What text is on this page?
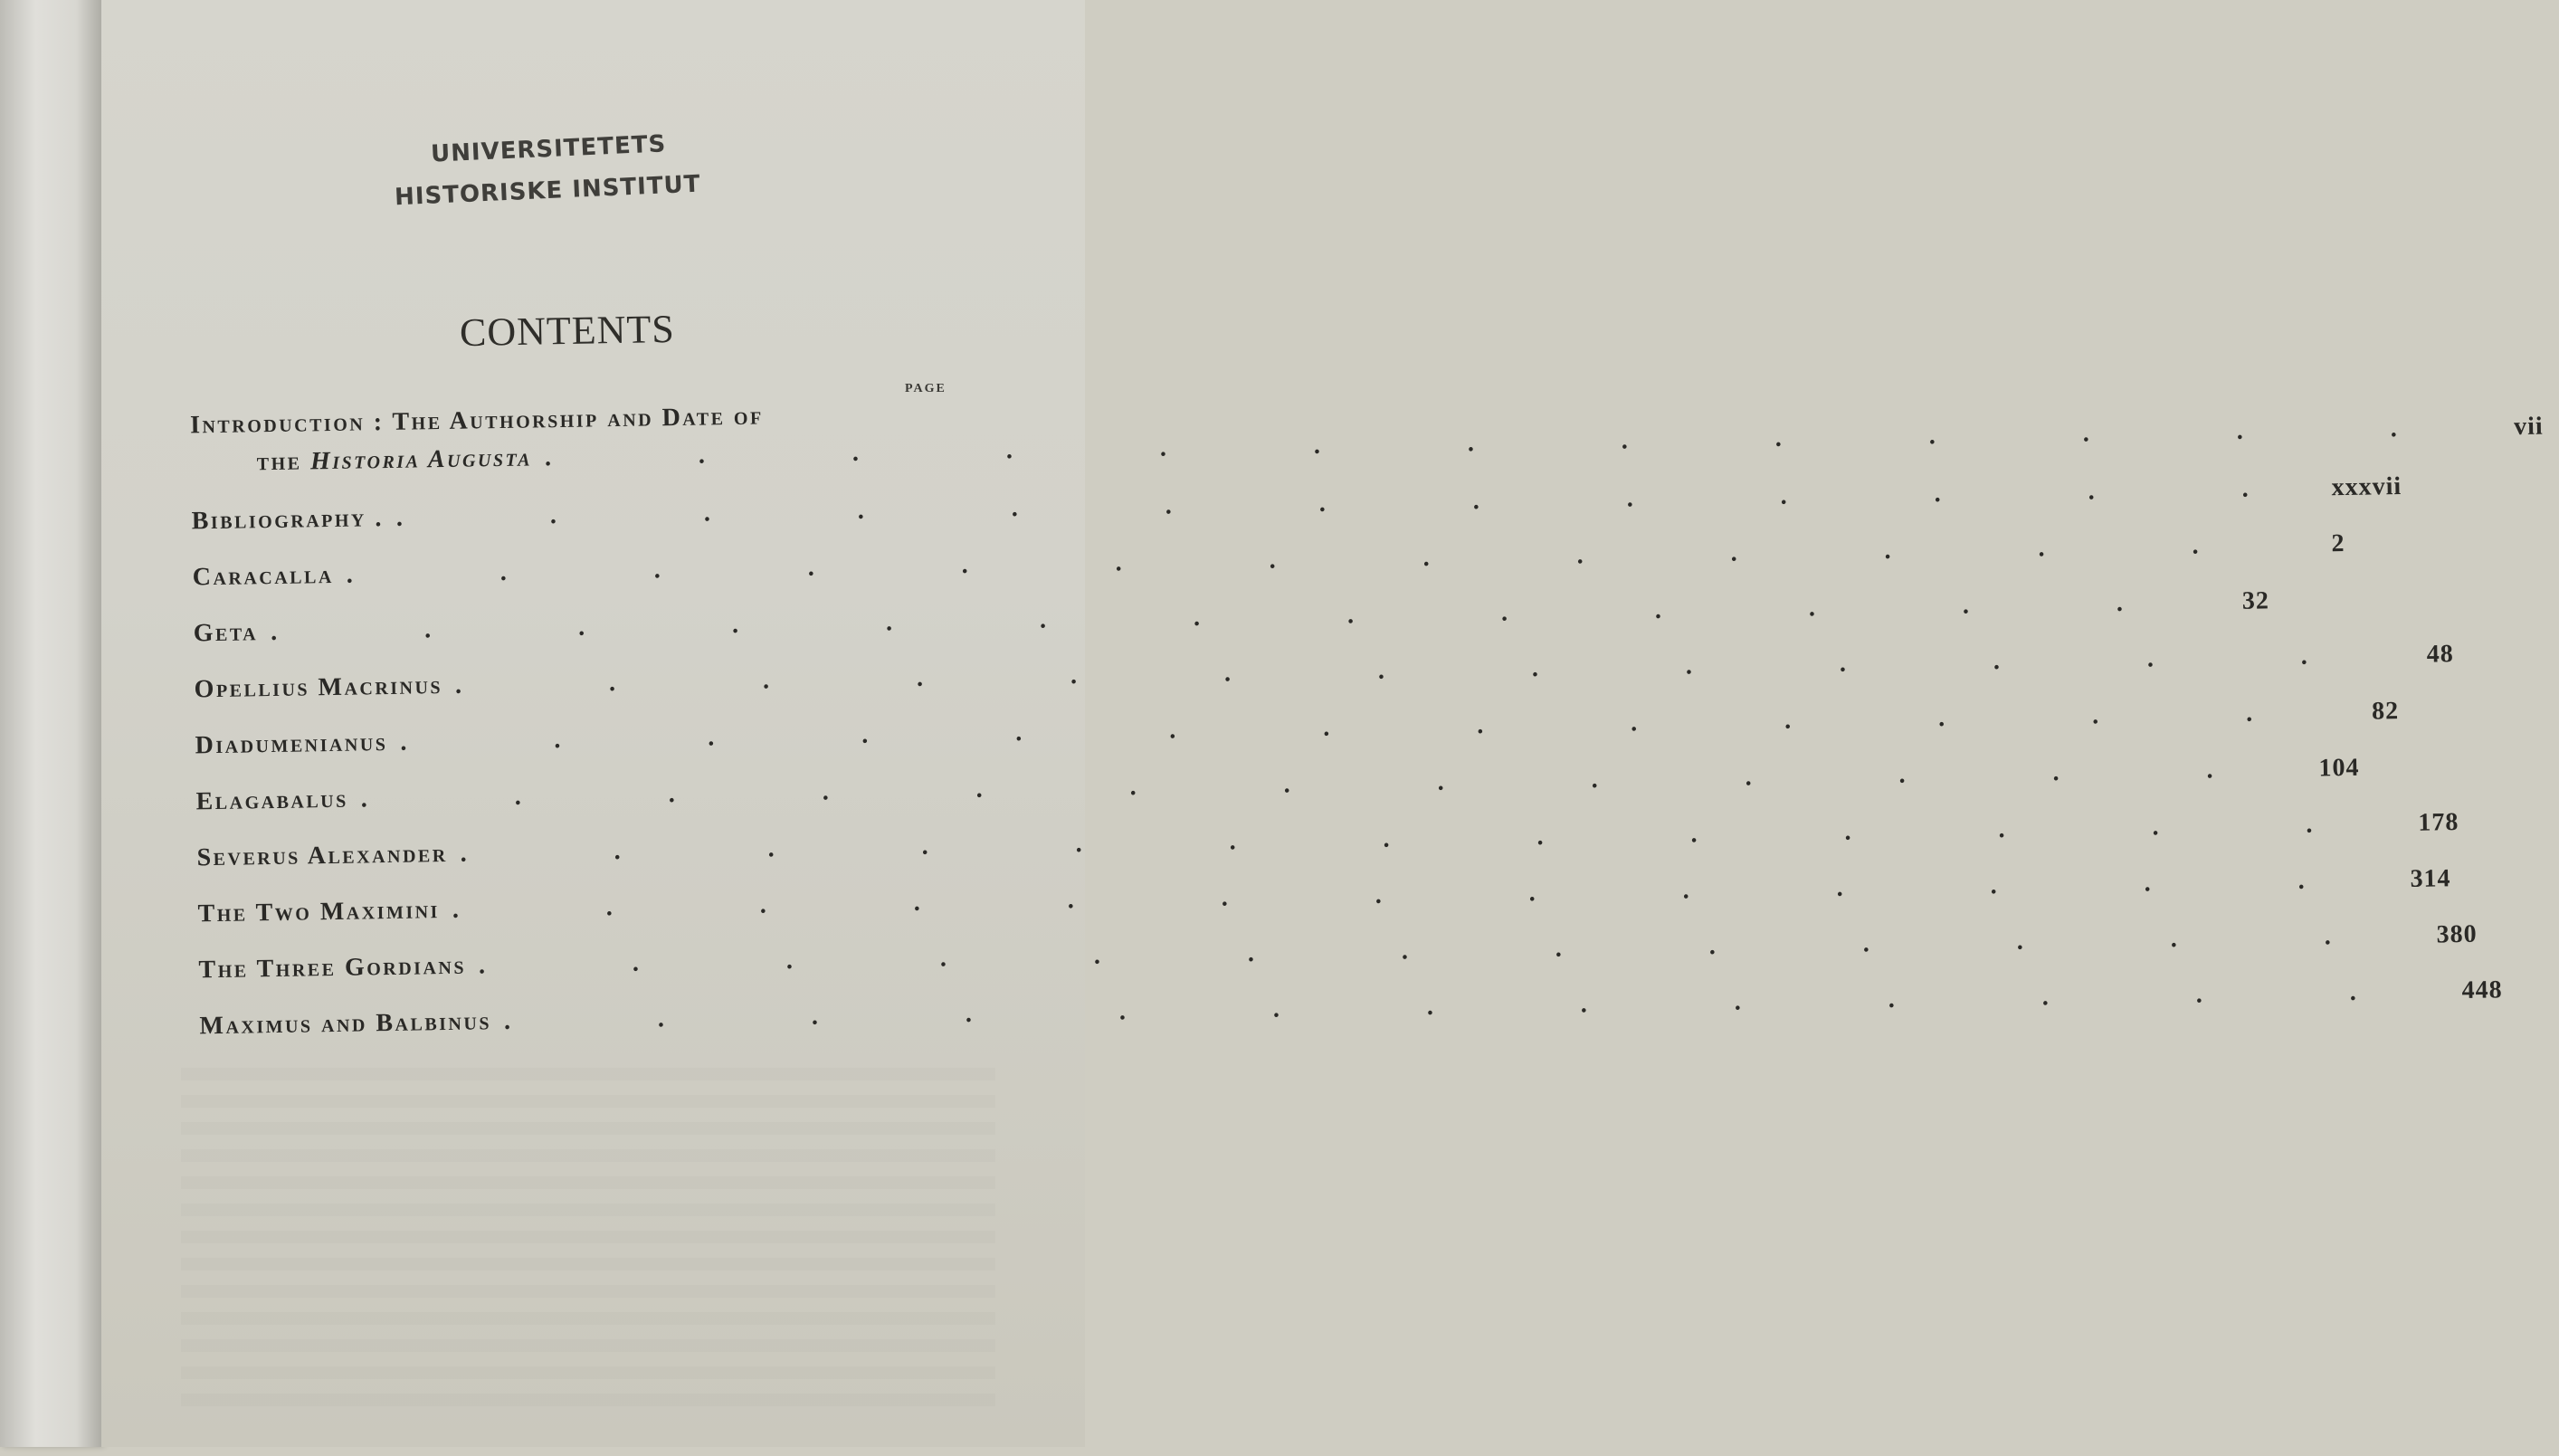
UNIVERSITETETS
HISTORISKE INSTITUT
CONTENTS
PAGE
Introduction : The Authorship and Date of
the Historia Augusta . . . . . . . . . . . . .	vii
Bibliography . . . . . . . . . . . . . . xxxvii
Caracalla . . . . . . . . . . . . .	2
Geta . . . . . . . . . . . . .	32
Opellius Macrinus . . . . . . . . . . . . .	48
Diadumenianus . . . . . . . . . . . . .	82
Elagabalus . . . . . . . . . . . . .	104
Severus Alexander . . . . . . . . . . . . .	178
The Two Maximini . . . . . . . . . . . . .	314
The Three Gordians . . . . . . . . . . . . .	380
Maximus and Balbinus . . . . . . . . . . . . .	448
